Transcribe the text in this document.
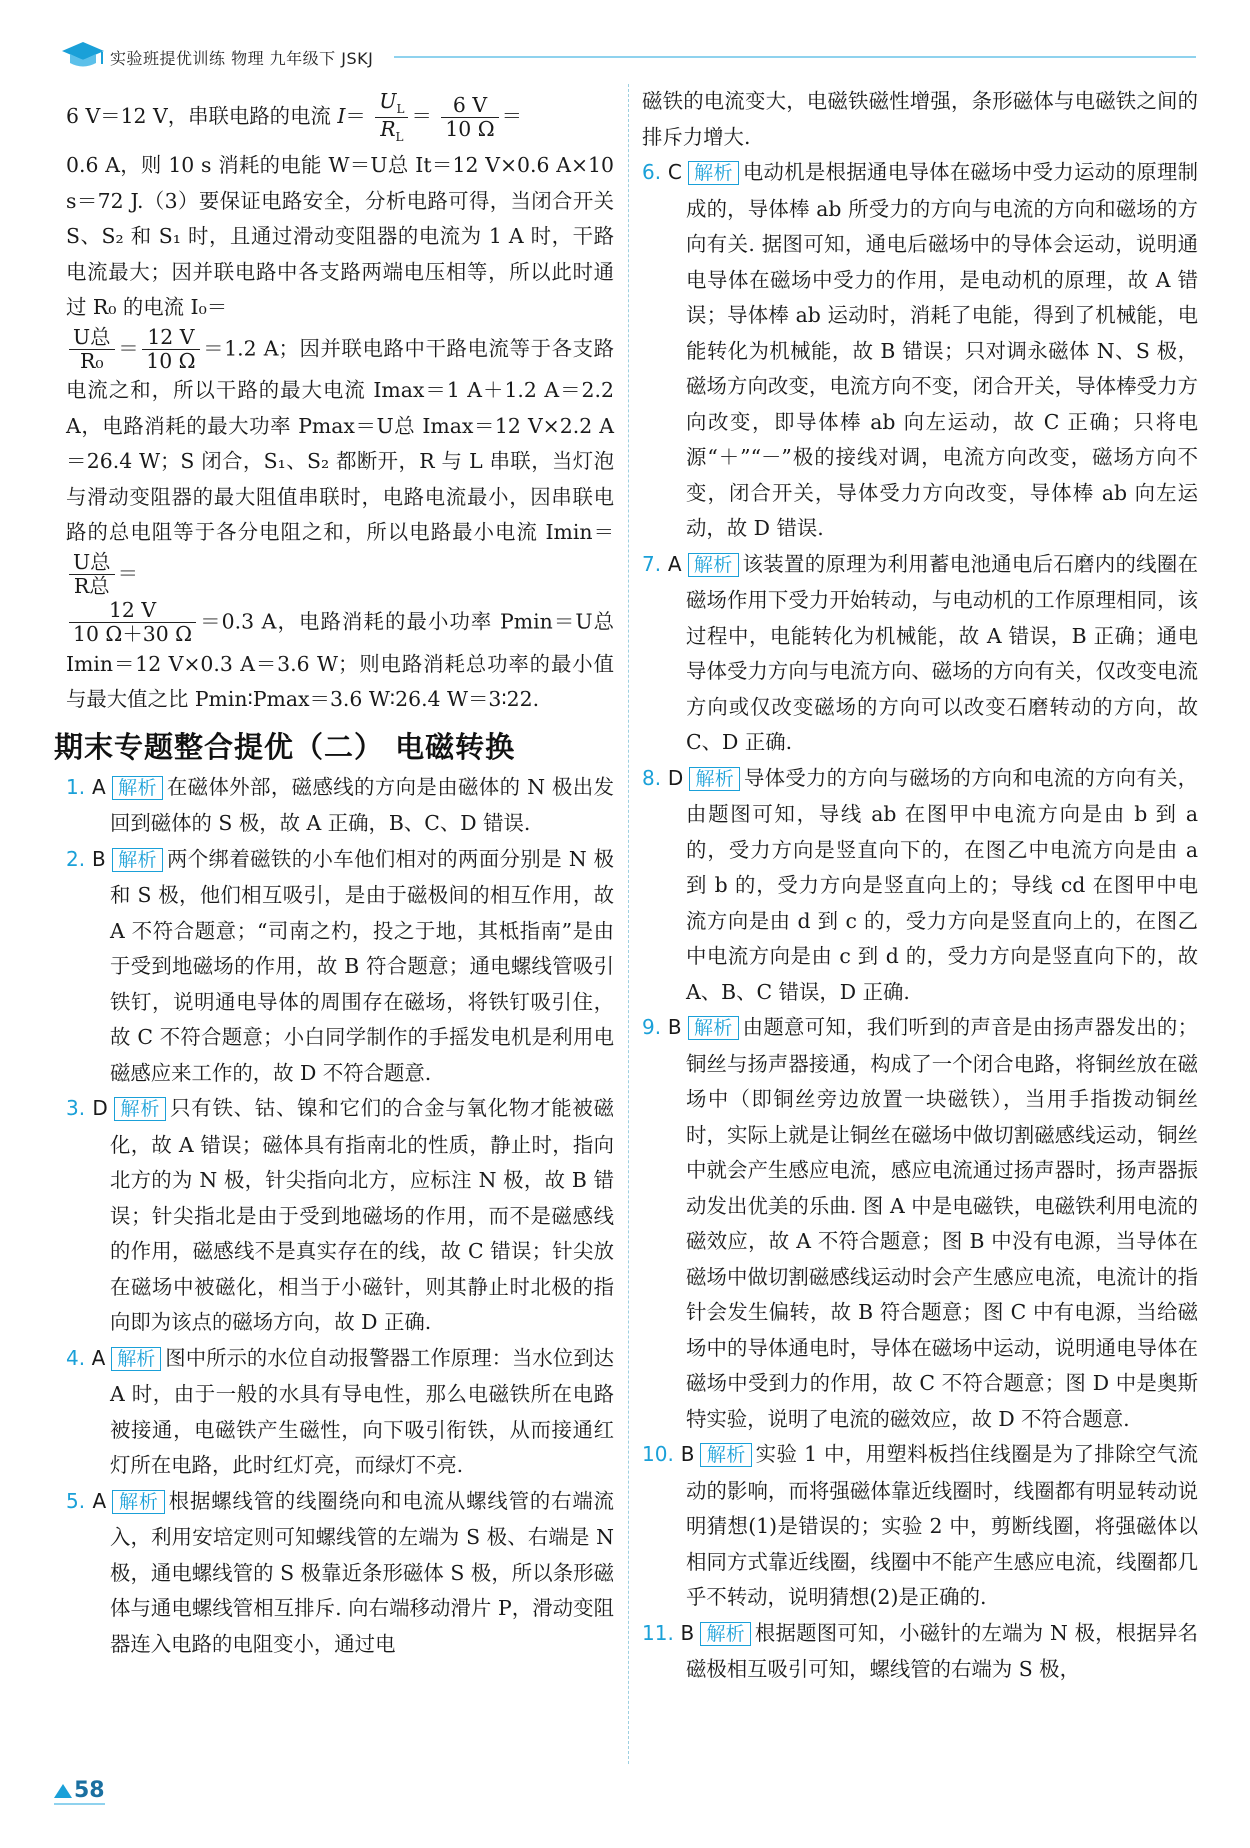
实验班提优训练 物理 九年级下 JSKJ

6 V＝12 V，串联电路的电流 $I= \frac{U_L}{R_L} = \frac{6 V}{10 \Omega}$ ＝

0.6 A，则 10 s 消耗的电能 W＝U总 It＝12 V×0.6 A×10 s＝72 J.（3）要保证电路安全，分析电路可得，当闭合开关 S、S₂ 和 S₁ 时，且通过滑动变阻器的电流为 1 A 时，干路电流最大；因并联电路中各支路两端电压相等，所以此时通过 R₀ 的电流 I₀＝

$\frac{\text{U总}}{\text{R₀}} = \frac{12 V}{10 \Omega} =1.2$ A；因并联电路中干路电流等于各支路电流之和，所以干路的最大电流 Imax＝1 A＋1.2 A＝2.2 A，电路消耗的最大功率 Pmax＝U总 Imax＝12 V×2.2 A＝26.4 W；S 闭合，S₁、S₂ 都断开，R 与 L 串联，当灯泡与滑动变阻器的最大阻值串联时，电路电流最小，因串联电路的总电阻等于各分电阻之和，所以电路最小电流 Imin＝
$\frac{\text{U总}}{\text{R总}}$ ＝

$\frac{12 V}{10 \Omega+30 \Omega} =0.3$ A，电路消耗的最小功率 Pmin＝U总 Imin＝12 V×0.3 A＝3.6 W；则电路消耗总功率的最小值与最大值之比 Pmin∶Pmax＝3.6 W∶26.4 W＝3∶22.

期末专题整合提优（二） 电磁转换

1. A 解析 在磁体外部，磁感线的方向是由磁体的 N 极出发回到磁体的 S 极，故 A 正确，B、C、D 错误.

2. B 解析 两个绑着磁铁的小车他们相对的两面分别是 N 极和 S 极，他们相互吸引，是由于磁极间的相互作用，故 A 不符合题意；“司南之杓，投之于地，其柢指南”是由于受到地磁场的作用，故 B 符合题意；通电螺线管吸引铁钉，说明通电导体的周围存在磁场，将铁钉吸引住，故 C 不符合题意；小白同学制作的手摇发电机是利用电磁感应来工作的，故 D 不符合题意.

3. D 解析 只有铁、钴、镍和它们的合金与氧化物才能被磁化，故 A 错误；磁体具有指南北的性质，静止时，指向北方的为 N 极，针尖指向北方，应标注 N 极，故 B 错误；针尖指北是由于受到地磁场的作用，而不是磁感线的作用，磁感线不是真实存在的线，故 C 错误；针尖放在磁场中被磁化，相当于小磁针，则其静止时北极的指向即为该点的磁场方向，故 D 正确.

4. A 解析 图中所示的水位自动报警器工作原理：当水位到达 A 时，由于一般的水具有导电性，那么电磁铁所在电路被接通，电磁铁产生磁性，向下吸引衔铁，从而接通红灯所在电路，此时红灯亮，而绿灯不亮.

5. A 解析 根据螺线管的线圈绕向和电流从螺线管的右端流入，利用安培定则可知螺线管的左端为 S 极、右端是 N 极，通电螺线管的 S 极靠近条形磁体 S 极，所以条形磁体与通电螺线管相互排斥. 向右端移动滑片 P，滑动变阻器连入电路的电阻变小，通过电

磁铁的电流变大，电磁铁磁性增强，条形磁体与电磁铁之间的排斥力增大.

6. C 解析 电动机是根据通电导体在磁场中受力运动的原理制成的，导体棒 ab 所受力的方向与电流的方向和磁场的方向有关. 据图可知，通电后磁场中的导体会运动，说明通电导体在磁场中受力的作用，是电动机的原理，故 A 错误；导体棒 ab 运动时，消耗了电能，得到了机械能，电能转化为机械能，故 B 错误；只对调永磁体 N、S 极，磁场方向改变，电流方向不变，闭合开关，导体棒受力方向改变，即导体棒 ab 向左运动，故 C 正确；只将电源“＋”“－”极的接线对调，电流方向改变，磁场方向不变，闭合开关，导体受力方向改变，导体棒 ab 向左运动，故 D 错误.

7. A 解析 该装置的原理为利用蓄电池通电后石磨内的线圈在磁场作用下受力开始转动，与电动机的工作原理相同，该过程中，电能转化为机械能，故 A 错误，B 正确；通电导体受力方向与电流方向、磁场的方向有关，仅改变电流方向或仅改变磁场的方向可以改变石磨转动的方向，故 C、D 正确.

8. D 解析 导体受力的方向与磁场的方向和电流的方向有关，由题图可知，导线 ab 在图甲中电流方向是由 b 到 a 的，受力方向是竖直向下的，在图乙中电流方向是由 a 到 b 的，受力方向是竖直向上的；导线 cd 在图甲中电流方向是由 d 到 c 的，受力方向是竖直向上的，在图乙中电流方向是由 c 到 d 的，受力方向是竖直向下的，故 A、B、C 错误，D 正确.

9. B 解析 由题意可知，我们听到的声音是由扬声器发出的；铜丝与扬声器接通，构成了一个闭合电路，将铜丝放在磁场中（即铜丝旁边放置一块磁铁），当用手指拨动铜丝时，实际上就是让铜丝在磁场中做切割磁感线运动，铜丝中就会产生感应电流，感应电流通过扬声器时，扬声器振动发出优美的乐曲. 图 A 中是电磁铁，电磁铁利用电流的磁效应，故 A 不符合题意；图 B 中没有电源，当导体在磁场中做切割磁感线运动时会产生感应电流，电流计的指针会发生偏转，故 B 符合题意；图 C 中有电源，当给磁场中的导体通电时，导体在磁场中运动，说明通电导体在磁场中受到力的作用，故 C 不符合题意；图 D 中是奥斯特实验，说明了电流的磁效应，故 D 不符合题意.

10. B 解析 实验 1 中，用塑料板挡住线圈是为了排除空气流动的影响，而将强磁体靠近线圈时，线圈都有明显转动说明猜想(1)是错误的；实验 2 中，剪断线圈，将强磁体以相同方式靠近线圈，线圈中不能产生感应电流，线圈都几乎不转动，说明猜想(2)是正确的.

11. B 解析 根据题图可知，小磁针的左端为 N 极，根据异名磁极相互吸引可知，螺线管的右端为 S 极，

58
